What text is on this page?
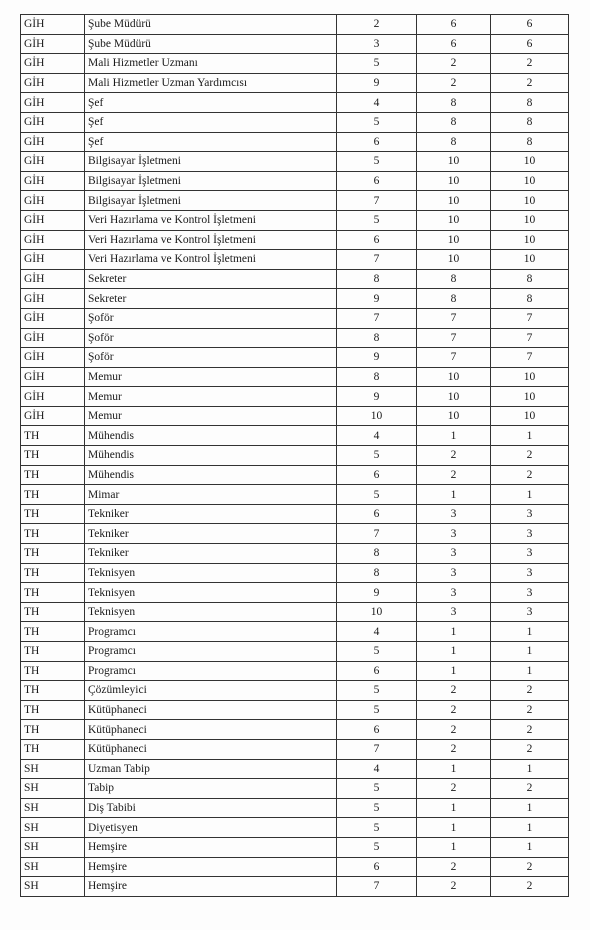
GİH	Şube Müdürü	2	6	6
GİH	Şube Müdürü	3	6	6
GİH	Mali Hizmetler Uzmanı	5	2	2
GİH	Mali Hizmetler Uzman Yardımcısı	9	2	2
GİH	Şef	4	8	8
GİH	Şef	5	8	8
GİH	Şef	6	8	8
GİH	Bilgisayar İşletmeni	5	10	10
GİH	Bilgisayar İşletmeni	6	10	10
GİH	Bilgisayar İşletmeni	7	10	10
GİH	Veri Hazırlama ve Kontrol İşletmeni	5	10	10
GİH	Veri Hazırlama ve Kontrol İşletmeni	6	10	10
GİH	Veri Hazırlama ve Kontrol İşletmeni	7	10	10
GİH	Sekreter	8	8	8
GİH	Sekreter	9	8	8
GİH	Şoför	7	7	7
GİH	Şoför	8	7	7
GİH	Şoför	9	7	7
GİH	Memur	8	10	10
GİH	Memur	9	10	10
GİH	Memur	10	10	10
TH	Mühendis	4	1	1
TH	Mühendis	5	2	2
TH	Mühendis	6	2	2
TH	Mimar	5	1	1
TH	Tekniker	6	3	3
TH	Tekniker	7	3	3
TH	Tekniker	8	3	3
TH	Teknisyen	8	3	3
TH	Teknisyen	9	3	3
TH	Teknisyen	10	3	3
TH	Programcı	4	1	1
TH	Programcı	5	1	1
TH	Programcı	6	1	1
TH	Çözümleyici	5	2	2
TH	Kütüphaneci	5	2	2
TH	Kütüphaneci	6	2	2
TH	Kütüphaneci	7	2	2
SH	Uzman Tabip	4	1	1
SH	Tabip	5	2	2
SH	Diş Tabibi	5	1	1
SH	Diyetisyen	5	1	1
SH	Hemşire	5	1	1
SH	Hemşire	6	2	2
SH	Hemşire	7	2	2
